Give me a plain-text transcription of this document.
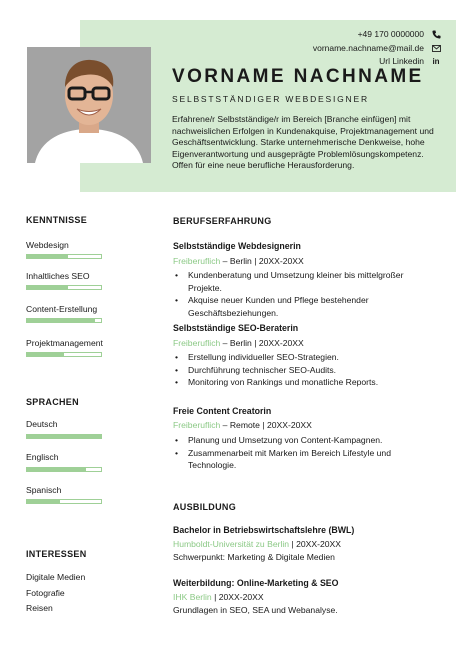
+49 170 0000000
vorname.nachname@mail.de
Url Linkedin	in
VORNAME NACHNAME
SELBSTSTÄNDIGER WEBDESIGNER
Erfahrene/r Selbstständige/r im Bereich [Branche einfügen] mit nachweislichen Erfolgen in Kundenakquise, Projektmanagement und Geschäftsentwicklung. Starke unternehmerische Denkweise, hohe Eigenverantwortung und ausgeprägte Problemlösungskompetenz. Offen für eine neue berufliche Herausforderung.
KENNTNISSE
Webdesign
Inhaltliches SEO
Content-Erstellung
Projektmanagement
SPRACHEN
Deutsch
Englisch
Spanisch
INTERESSEN
Digitale Medien
Fotografie
Reisen
BERUFSERFAHRUNG
Selbstständige Webdesignerin
Freiberuflich – Berlin | 20XX-20XX
• Kundenberatung und Umsetzung kleiner bis mittelgroßer Projekte.
• Akquise neuer Kunden und Pflege bestehender Geschäftsbeziehungen.
Selbstständige SEO-Beraterin
Freiberuflich – Berlin | 20XX-20XX
• Erstellung individueller SEO-Strategien.
• Durchführung technischer SEO-Audits.
• Monitoring von Rankings und monatliche Reports.
Freie Content Creatorin
Freiberuflich – Remote | 20XX-20XX
• Planung und Umsetzung von Content-Kampagnen.
• Zusammenarbeit mit Marken im Bereich Lifestyle und Technologie.
AUSBILDUNG
Bachelor in Betriebswirtschaftslehre (BWL)
Humboldt-Universität zu Berlin | 20XX-20XX
Schwerpunkt: Marketing & Digitale Medien
Weiterbildung: Online-Marketing & SEO
IHK Berlin | 20XX-20XX
Grundlagen in SEO, SEA und Webanalyse.
